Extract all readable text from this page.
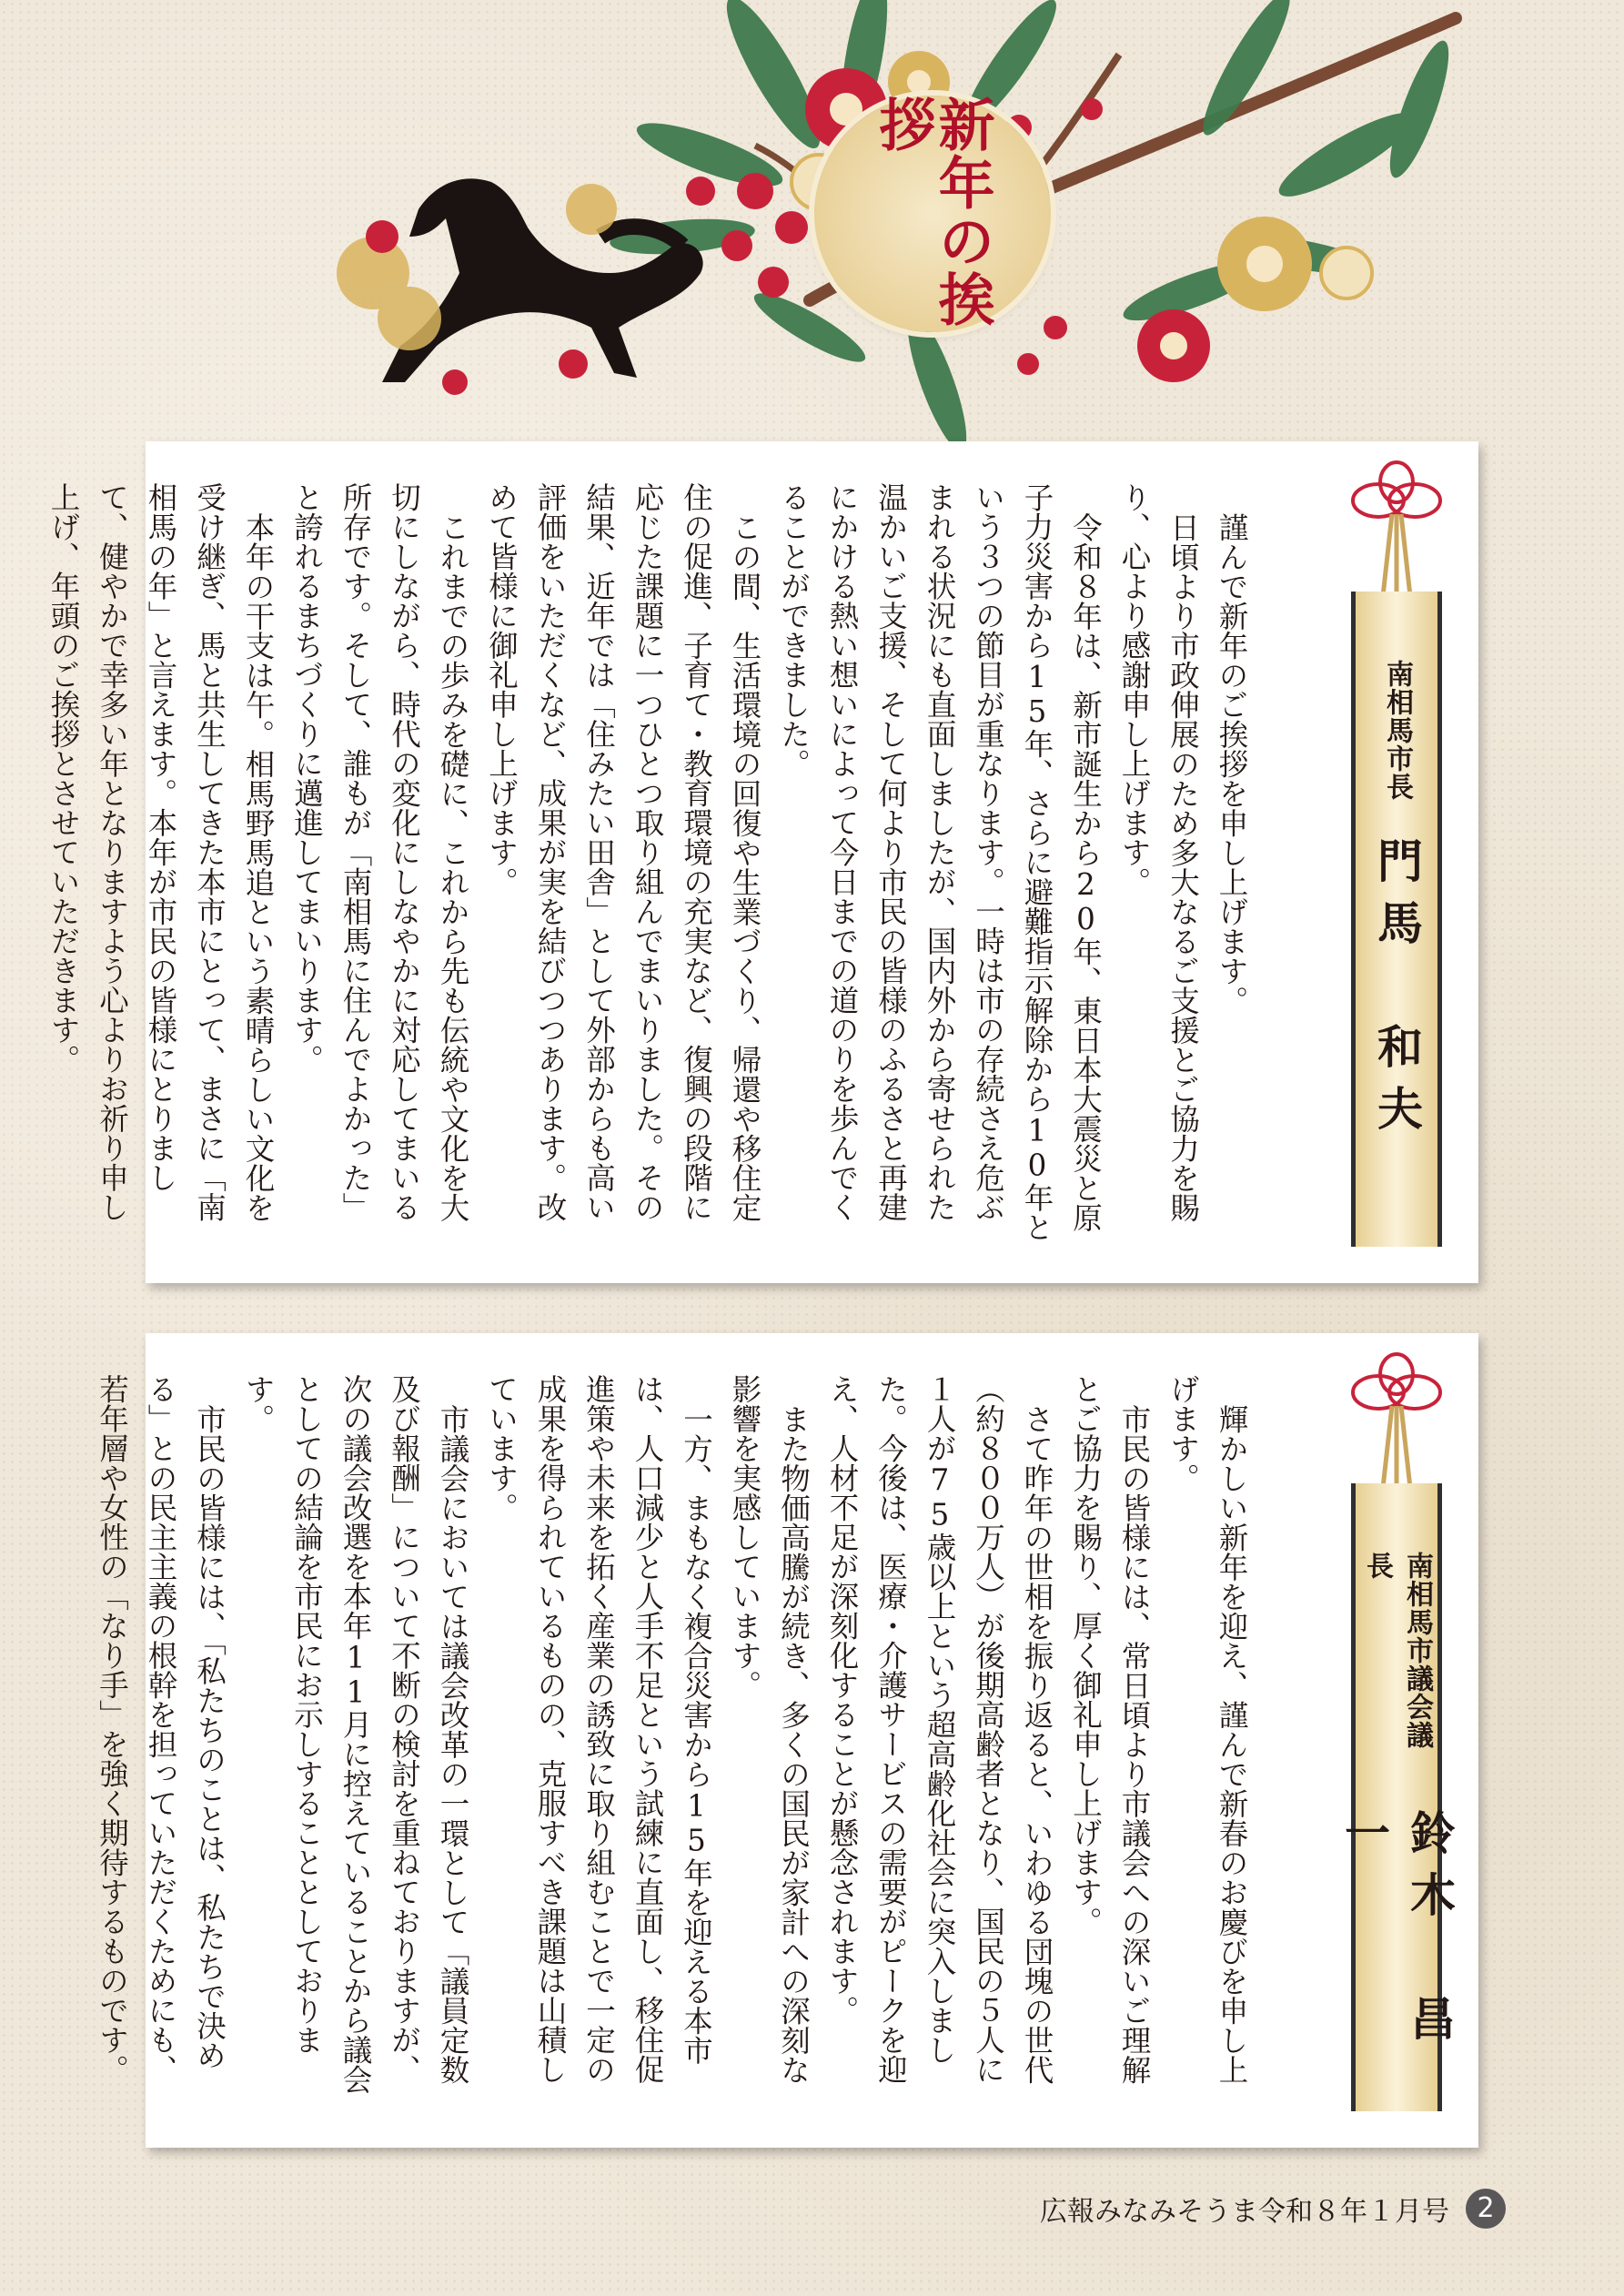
新年の挨拶
南相馬市長
門馬　和夫

謹んで新年のご挨拶を申し上げます。

日頃より市政伸展のため多大なるご支援とご協力を賜り、心より感謝申し上げます。

令和８年は、新市誕生から20年、東日本大震災と原子力災害から15年、さらに避難指示解除から10年という３つの節目が重なります。一時は市の存続さえ危ぶまれる状況にも直面しましたが、国内外から寄せられた温かいご支援、そして何より市民の皆様のふるさと再建にかける熱い想いによって今日までの道のりを歩んでくることができました。

この間、生活環境の回復や生業づくり、帰還や移住定住の促進、子育て・教育環境の充実など、復興の段階に応じた課題に一つひとつ取り組んでまいりました。その結果、近年では「住みたい田舎」として外部からも高い評価をいただくなど、成果が実を結びつつあります。改めて皆様に御礼申し上げます。

これまでの歩みを礎に、これから先も伝統や文化を大切にしながら、時代の変化にしなやかに対応してまいる所存です。そして、誰もが「南相馬に住んでよかった」と誇れるまちづくりに邁進してまいります。

本年の干支は午。相馬野馬追という素晴らしい文化を受け継ぎ、馬と共生してきた本市にとって、まさに「南相馬の年」と言えます。本年が市民の皆様にとりまして、健やかで幸多い年となりますよう心よりお祈り申し上げ、年頭のご挨拶とさせていただきます。

南相馬市議会議長
鈴木　昌一

輝かしい新年を迎え、謹んで新春のお慶びを申し上げます。

市民の皆様には、常日頃より市議会への深いご理解とご協力を賜り、厚く御礼申し上げます。

さて昨年の世相を振り返ると、いわゆる団塊の世代（約８００万人）が後期高齢者となり、国民の５人に１人が75歳以上という超高齢化社会に突入しました。今後は、医療・介護サービスの需要がピークを迎え、人材不足が深刻化することが懸念されます。

また物価高騰が続き、多くの国民が家計への深刻な影響を実感しています。

一方、まもなく複合災害から15年を迎える本市は、人口減少と人手不足という試練に直面し、移住促進策や未来を拓く産業の誘致に取り組むことで一定の成果を得られているものの、克服すべき課題は山積しています。

市議会においては議会改革の一環として「議員定数及び報酬」について不断の検討を重ねておりますが、次の議会改選を本年11月に控えていることから議会としての結論を市民にお示しすることとしております。

市民の皆様には、「私たちのことは、私たちで決める」との民主主義の根幹を担っていただくためにも、若年層や女性の「なり手」を強く期待するものです。

広報みなみそうま令和８年１月号	2
